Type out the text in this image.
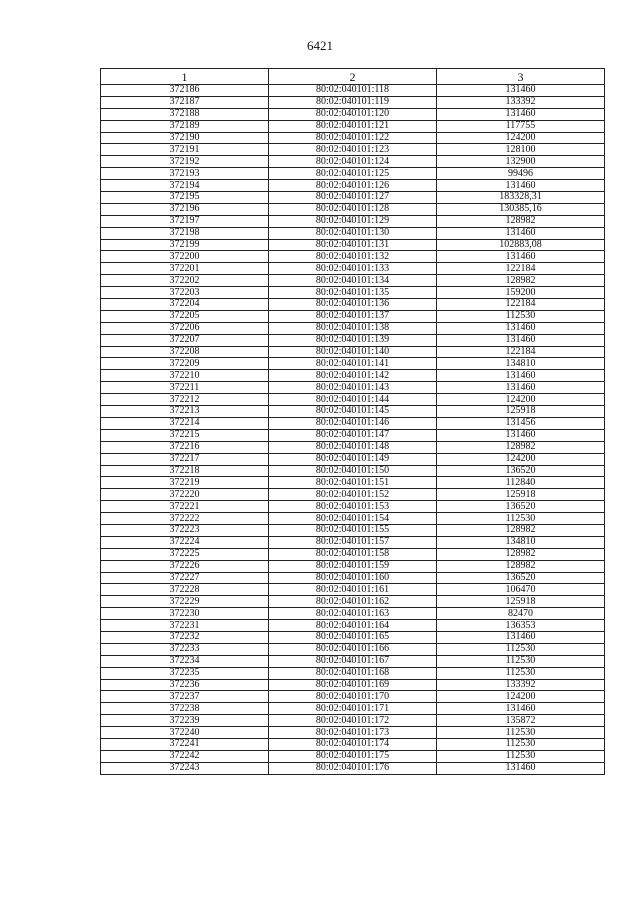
6421
1	2	3
372186	80:02:040101:118	131460
372187	80:02:040101:119	133392
372188	80:02:040101:120	131460
372189	80:02:040101:121	117755
372190	80:02:040101:122	124200
372191	80:02:040101:123	128100
372192	80:02:040101:124	132900
372193	80:02:040101:125	99496
372194	80:02:040101:126	131460
372195	80:02:040101:127	183328,31
372196	80:02:040101:128	130385,16
372197	80:02:040101:129	128982
372198	80:02:040101:130	131460
372199	80:02:040101:131	102883,08
372200	80:02:040101:132	131460
372201	80:02:040101:133	122184
372202	80:02:040101:134	128982
372203	80:02:040101:135	159200
372204	80:02:040101:136	122184
372205	80:02:040101:137	112530
372206	80:02:040101:138	131460
372207	80:02:040101:139	131460
372208	80:02:040101:140	122184
372209	80:02:040101:141	134810
372210	80:02:040101:142	131460
372211	80:02:040101:143	131460
372212	80:02:040101:144	124200
372213	80:02:040101:145	125918
372214	80:02:040101:146	131456
372215	80:02:040101:147	131460
372216	80:02:040101:148	128982
372217	80:02:040101:149	124200
372218	80:02:040101:150	136520
372219	80:02:040101:151	112840
372220	80:02:040101:152	125918
372221	80:02:040101:153	136520
372222	80:02:040101:154	112530
372223	80:02:040101:155	128982
372224	80:02:040101:157	134810
372225	80:02:040101:158	128982
372226	80:02:040101:159	128982
372227	80:02:040101:160	136520
372228	80:02:040101:161	106470
372229	80:02:040101:162	125918
372230	80:02:040101:163	82470
372231	80:02:040101:164	136353
372232	80:02:040101:165	131460
372233	80:02:040101:166	112530
372234	80:02:040101:167	112530
372235	80:02:040101:168	112530
372236	80:02:040101:169	133392
372237	80:02:040101:170	124200
372238	80:02:040101:171	131460
372239	80:02:040101:172	135872
372240	80:02:040101:173	112530
372241	80:02:040101:174	112530
372242	80:02:040101:175	112530
372243	80:02:040101:176	131460
